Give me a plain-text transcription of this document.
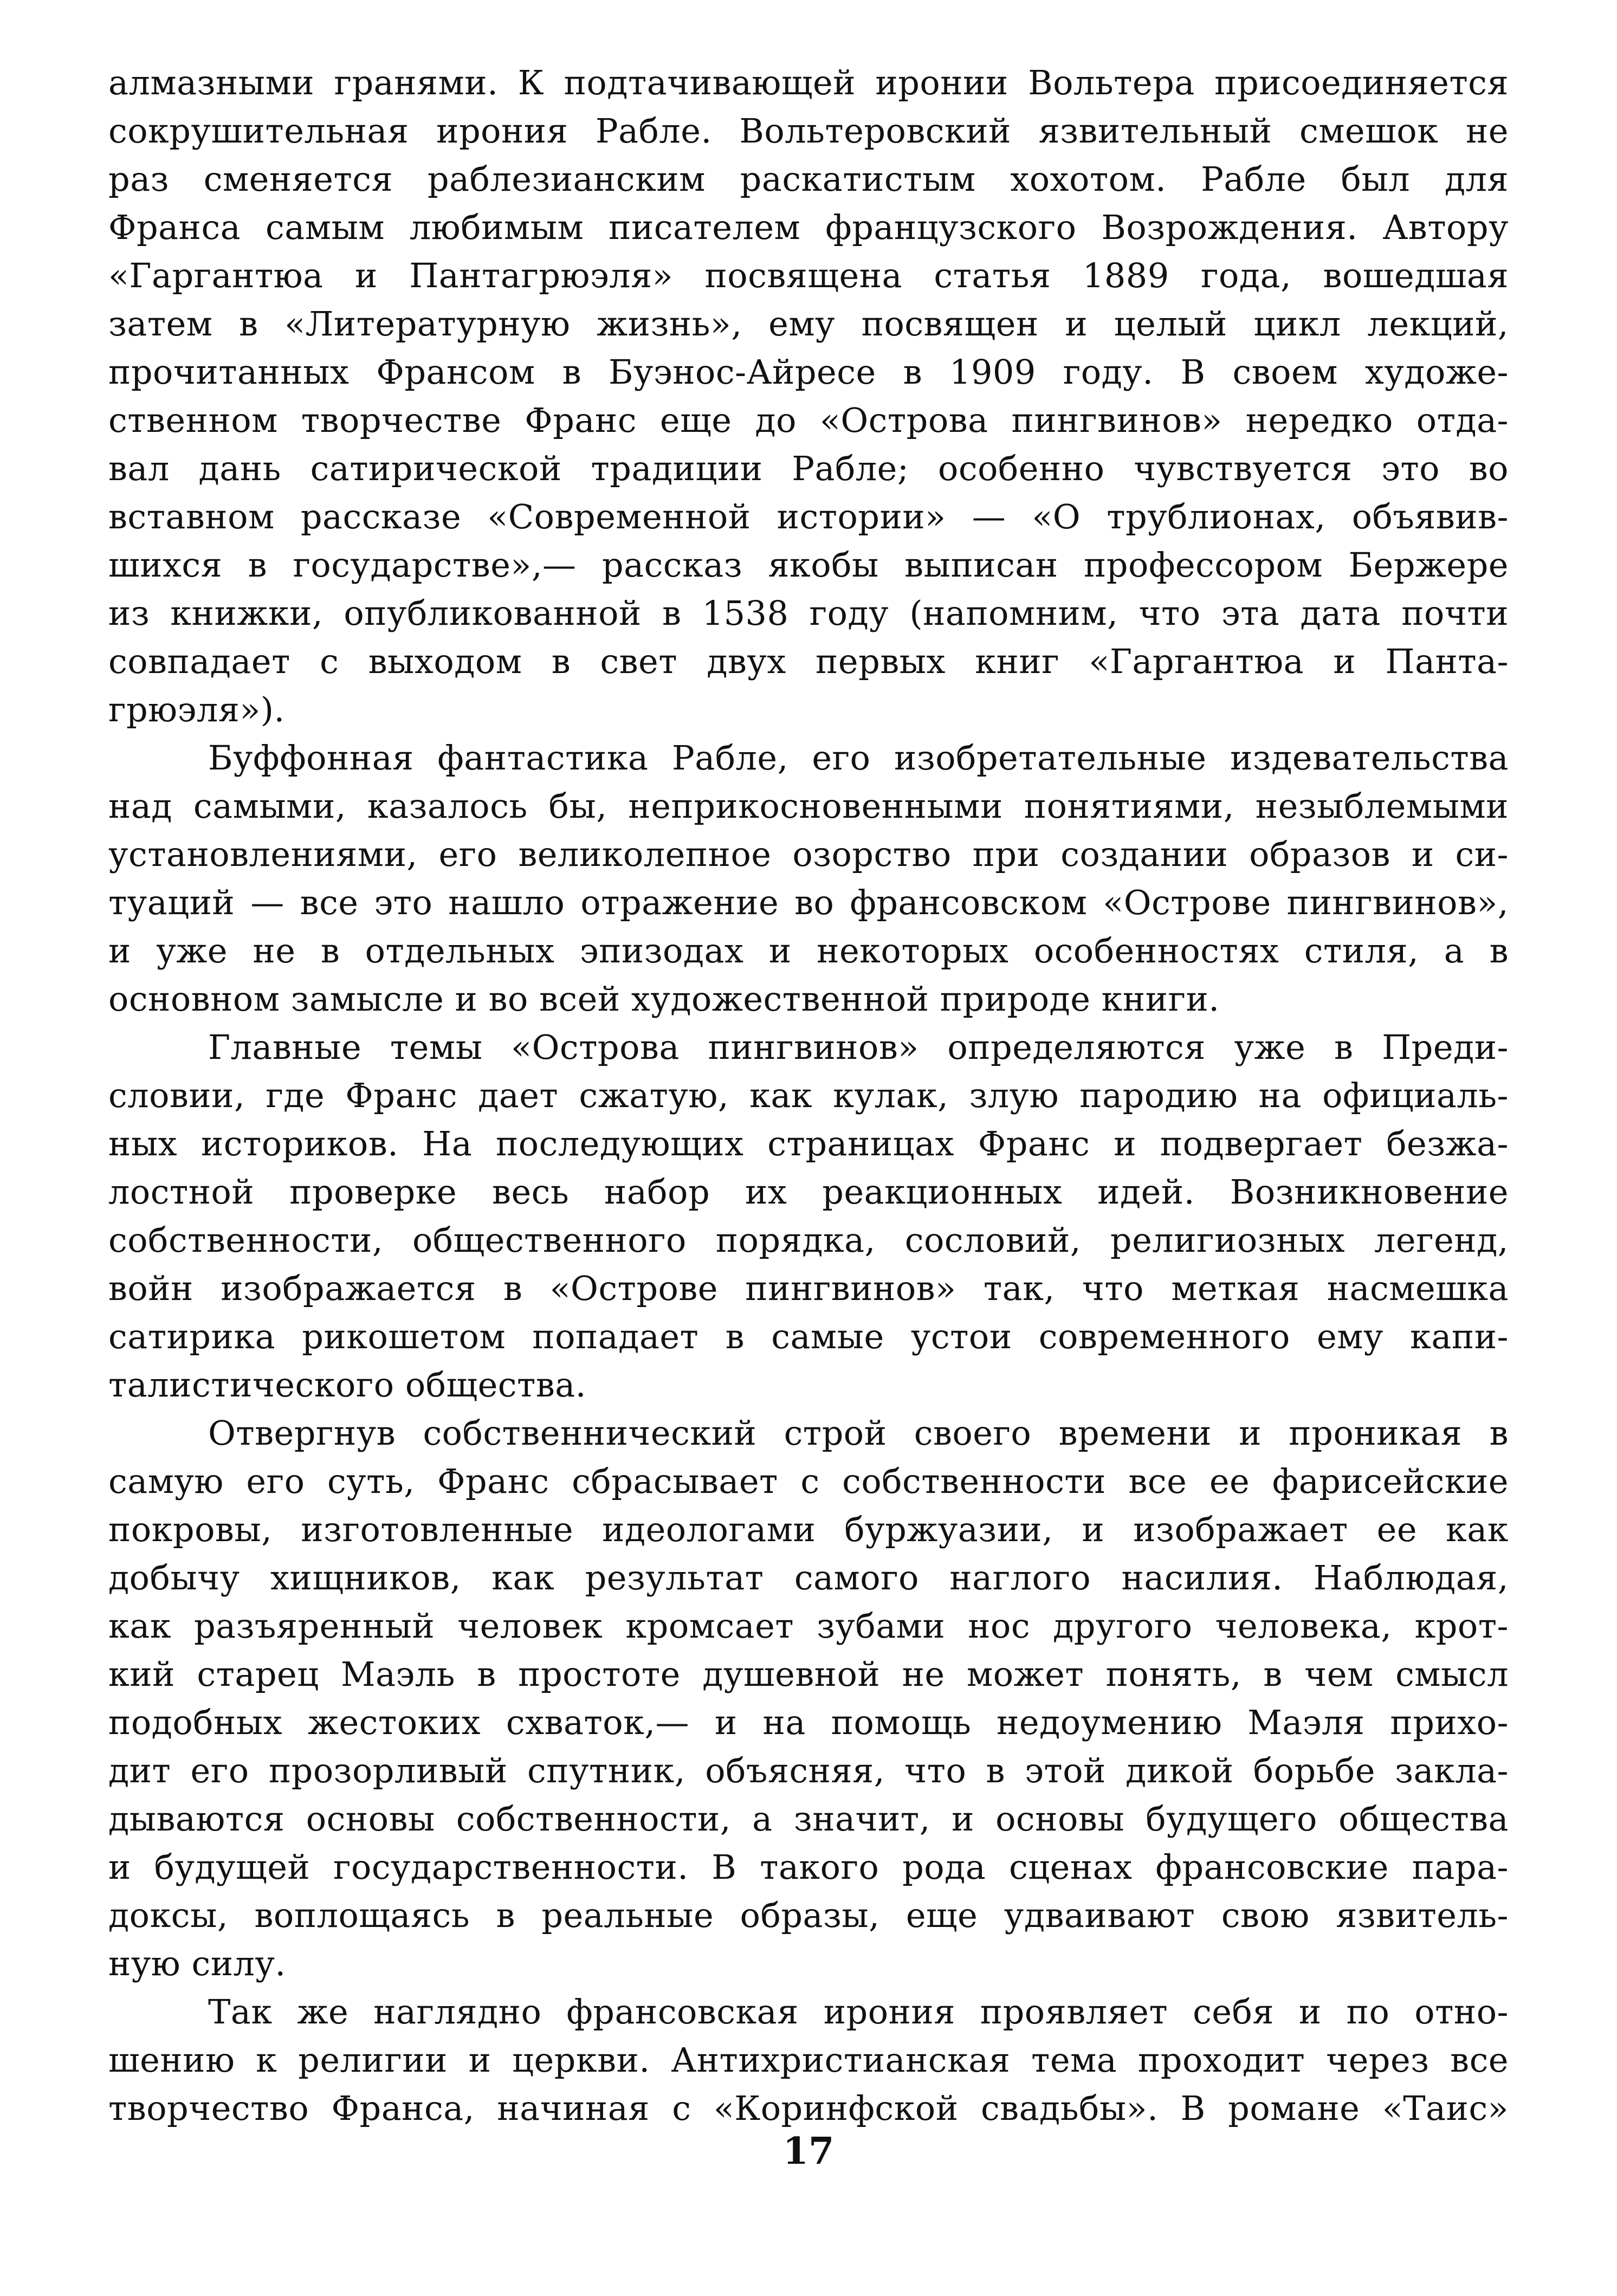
алмазными гранями. К подтачивающей иронии Вольтера присоединяется
сокрушительная ирония Рабле. Вольтеровский язвительный смешок не
раз сменяется раблезианским раскатистым хохотом. Рабле был для
Франса самым любимым писателем французского Возрождения. Автору
«Гаргантюа и Пантагрюэля» посвящена статья 1889 года, вошедшая
затем в «Литературную жизнь», ему посвящен и целый цикл лекций,
прочитанных Франсом в Буэнос-Айресе в 1909 году. В своем художе-
ственном творчестве Франс еще до «Острова пингвинов» нередко отда-
вал дань сатирической традиции Рабле; особенно чувствуется это во
вставном рассказе «Современной истории» — «О трублионах, объявив-
шихся в государстве»,— рассказ якобы выписан профессором Бержере
из книжки, опубликованной в 1538 году (напомним, что эта дата почти
совпадает с выходом в свет двух первых книг «Гаргантюа и Панта-
грюэля»).
Буффонная фантастика Рабле, его изобретательные издевательства
над самыми, казалось бы, неприкосновенными понятиями, незыблемыми
установлениями, его великолепное озорство при создании образов и си-
туаций — все это нашло отражение во франсовском «Острове пингвинов»,
и уже не в отдельных эпизодах и некоторых особенностях стиля, а в
основном замысле и во всей художественной природе книги.
Главные темы «Острова пингвинов» определяются уже в Преди-
словии, где Франс дает сжатую, как кулак, злую пародию на официаль-
ных историков. На последующих страницах Франс и подвергает безжа-
лостной проверке весь набор их реакционных идей. Возникновение
собственности, общественного порядка, сословий, религиозных легенд,
войн изображается в «Острове пингвинов» так, что меткая насмешка
сатирика рикошетом попадает в самые устои современного ему капи-
талистического общества.
Отвергнув собственнический строй своего времени и проникая в
самую его суть, Франс сбрасывает с собственности все ее фарисейские
покровы, изготовленные идеологами буржуазии, и изображает ее как
добычу хищников, как результат самого наглого насилия. Наблюдая,
как разъяренный человек кромсает зубами нос другого человека, крот-
кий старец Маэль в простоте душевной не может понять, в чем смысл
подобных жестоких схваток,— и на помощь недоумению Маэля прихо-
дит его прозорливый спутник, объясняя, что в этой дикой борьбе закла-
дываются основы собственности, а значит, и основы будущего общества
и будущей государственности. В такого рода сценах франсовские пара-
доксы, воплощаясь в реальные образы, еще удваивают свою язвитель-
ную силу.
Так же наглядно франсовская ирония проявляет себя и по отно-
шению к религии и церкви. Антихристианская тема проходит через все
творчество Франса, начиная с «Коринфской свадьбы». В романе «Таис»
17
